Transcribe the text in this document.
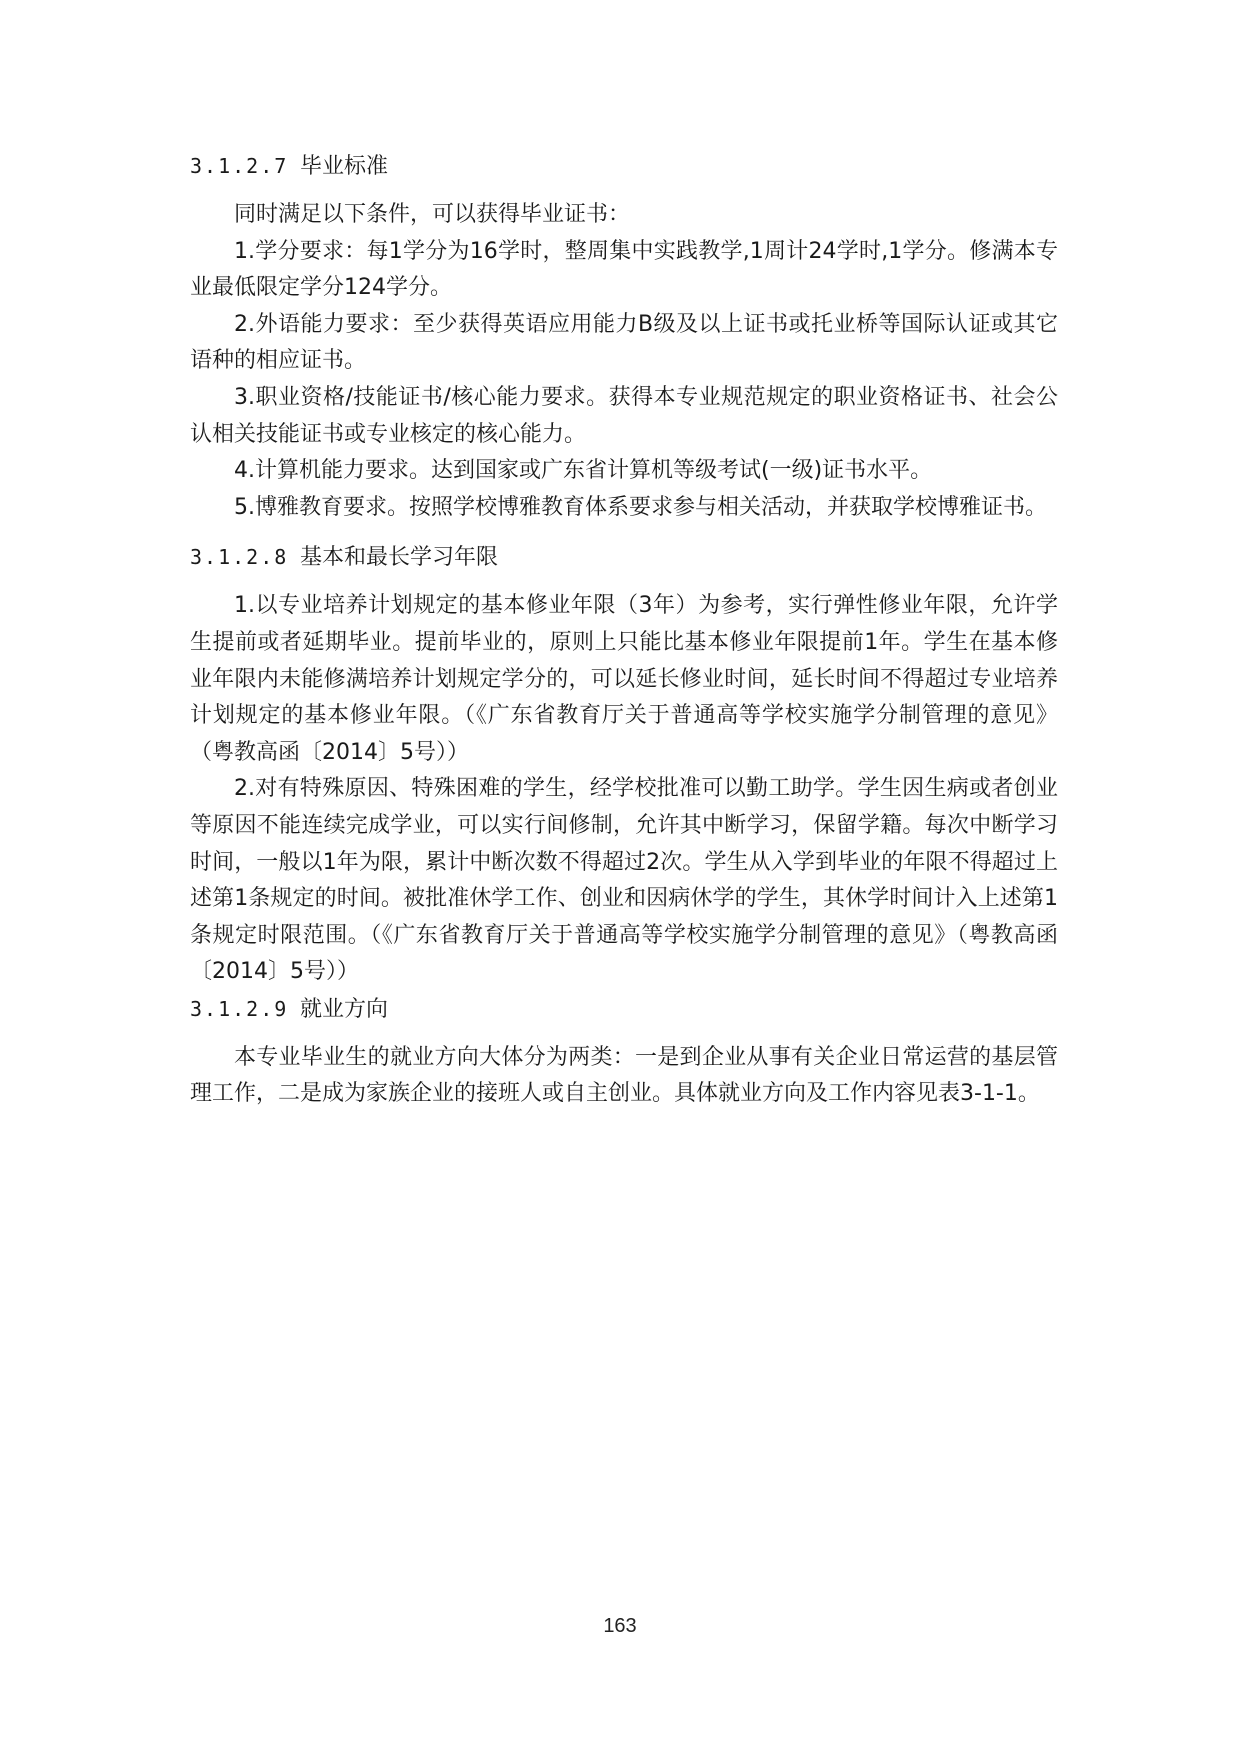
3.1.2.7 毕业标准

同时满足以下条件，可以获得毕业证书：

1.学分要求：每1学分为16学时，整周集中实践教学,1周计24学时,1学分。修满本专业最低限定学分124学分。

2.外语能力要求：至少获得英语应用能力B级及以上证书或托业桥等国际认证或其它语种的相应证书。

3.职业资格/技能证书/核心能力要求。获得本专业规范规定的职业资格证书、社会公认相关技能证书或专业核定的核心能力。

4.计算机能力要求。达到国家或广东省计算机等级考试(一级)证书水平。

5.博雅教育要求。按照学校博雅教育体系要求参与相关活动，并获取学校博雅证书。

3.1.2.8 基本和最长学习年限

1.以专业培养计划规定的基本修业年限（3年）为参考，实行弹性修业年限，允许学生提前或者延期毕业。提前毕业的，原则上只能比基本修业年限提前1年。学生在基本修业年限内未能修满培养计划规定学分的，可以延长修业时间，延长时间不得超过专业培养计划规定的基本修业年限。（《广东省教育厅关于普通高等学校实施学分制管理的意见》（粤教高函〔2014〕5号））

2.对有特殊原因、特殊困难的学生，经学校批准可以勤工助学。学生因生病或者创业等原因不能连续完成学业，可以实行间修制，允许其中断学习，保留学籍。每次中断学习时间，一般以1年为限，累计中断次数不得超过2次。学生从入学到毕业的年限不得超过上述第1条规定的时间。被批准休学工作、创业和因病休学的学生，其休学时间计入上述第1条规定时限范围。（《广东省教育厅关于普通高等学校实施学分制管理的意见》（粤教高函〔2014〕5号））

3.1.2.9 就业方向

本专业毕业生的就业方向大体分为两类：一是到企业从事有关企业日常运营的基层管理工作，二是成为家族企业的接班人或自主创业。具体就业方向及工作内容见表3-1-1。

163
